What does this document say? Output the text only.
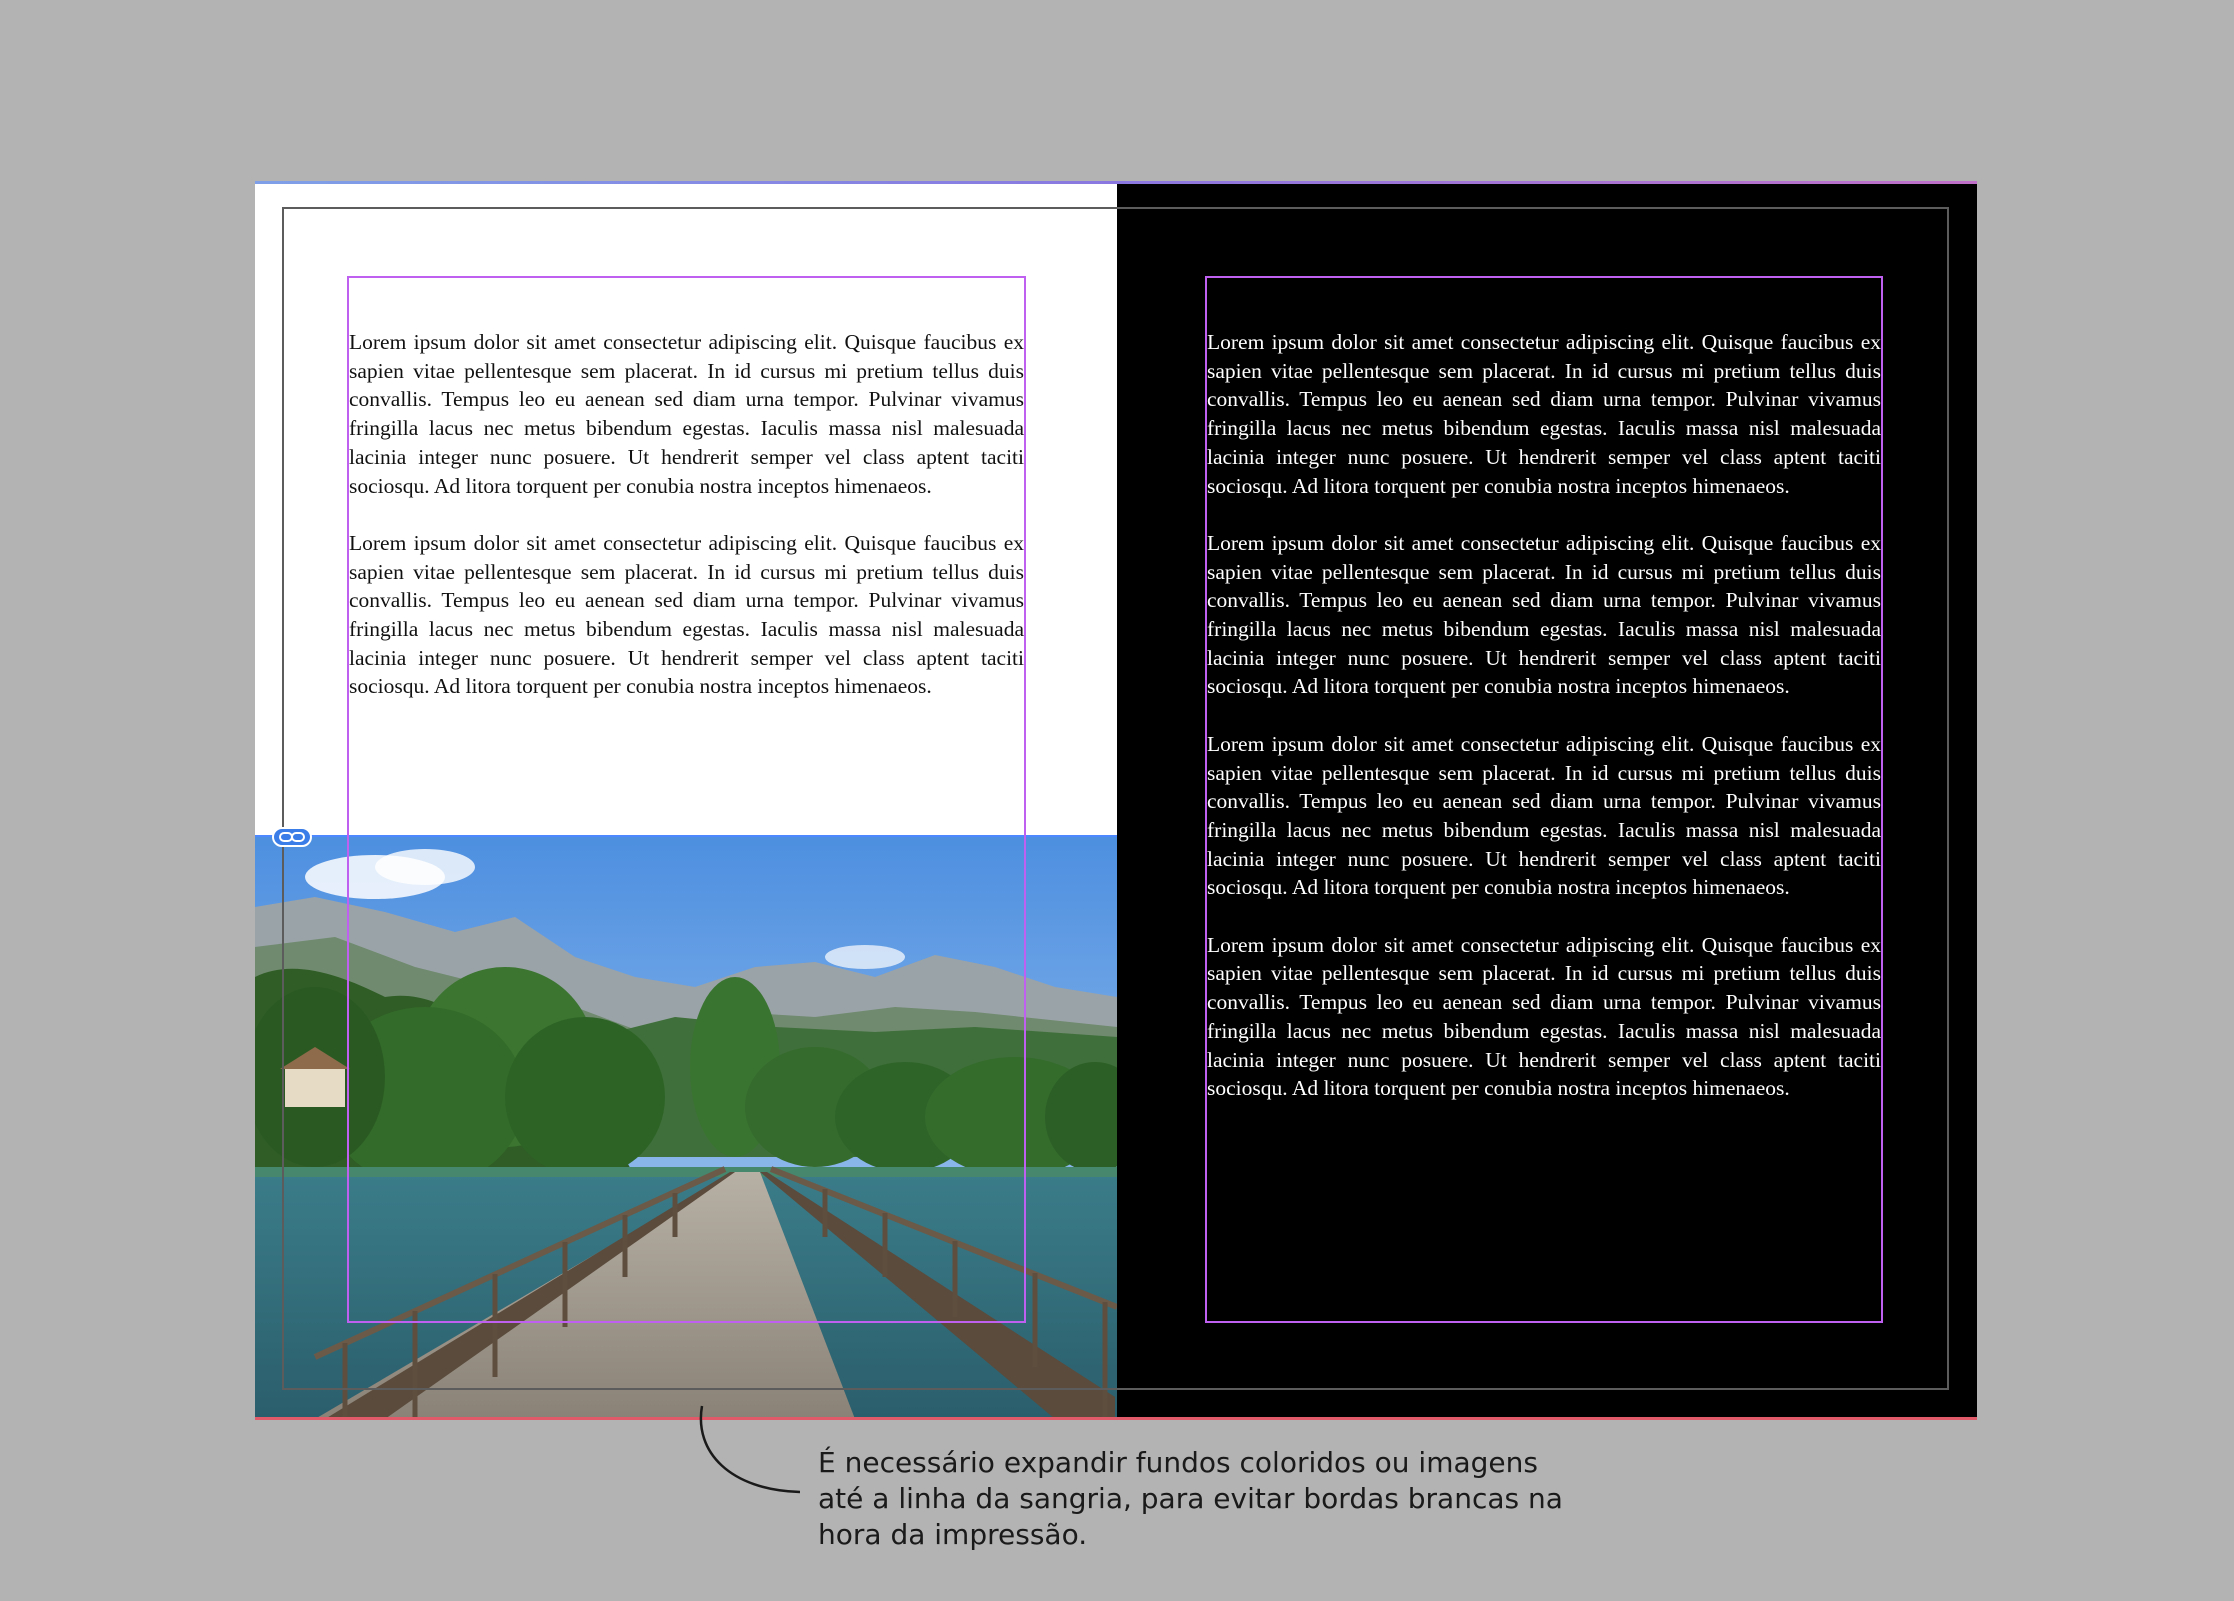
Lorem ipsum dolor sit amet consectetur adipiscing elit. Quisque faucibus ex sapien vitae pellentesque sem placerat. In id cursus mi pretium tellus duis convallis. Tempus leo eu aenean sed diam urna tempor. Pulvinar vivamus fringilla lacus nec metus bibendum egestas. Iaculis massa nisl malesuada lacinia integer nunc posuere. Ut hendrerit semper vel class aptent taciti sociosqu. Ad litora torquent per conubia nostra inceptos himenaeos.

Lorem ipsum dolor sit amet consectetur adipiscing elit. Quisque faucibus ex sapien vitae pellentesque sem placerat. In id cursus mi pretium tellus duis convallis. Tempus leo eu aenean sed diam urna tempor. Pulvinar vivamus fringilla lacus nec metus bibendum egestas. Iaculis massa nisl malesuada lacinia integer nunc posuere. Ut hendrerit semper vel class aptent taciti sociosqu. Ad litora torquent per conubia nostra inceptos himenaeos.

Lorem ipsum dolor sit amet consectetur adipiscing elit. Quisque faucibus ex sapien vitae pellentesque sem placerat. In id cursus mi pretium tellus duis convallis. Tempus leo eu aenean sed diam urna tempor. Pulvinar vivamus fringilla lacus nec metus bibendum egestas. Iaculis massa nisl malesuada lacinia integer nunc posuere. Ut hendrerit semper vel class aptent taciti sociosqu. Ad litora torquent per conubia nostra inceptos himenaeos.

Lorem ipsum dolor sit amet consectetur adipiscing elit. Quisque faucibus ex sapien vitae pellentesque sem placerat. In id cursus mi pretium tellus duis convallis. Tempus leo eu aenean sed diam urna tempor. Pulvinar vivamus fringilla lacus nec metus bibendum egestas. Iaculis massa nisl malesuada lacinia integer nunc posuere. Ut hendrerit semper vel class aptent taciti sociosqu. Ad litora torquent per conubia nostra inceptos himenaeos.

Lorem ipsum dolor sit amet consectetur adipiscing elit. Quisque faucibus ex sapien vitae pellentesque sem placerat. In id cursus mi pretium tellus duis convallis. Tempus leo eu aenean sed diam urna tempor. Pulvinar vivamus fringilla lacus nec metus bibendum egestas. Iaculis massa nisl malesuada lacinia integer nunc posuere. Ut hendrerit semper vel class aptent taciti sociosqu. Ad litora torquent per conubia nostra inceptos himenaeos.

Lorem ipsum dolor sit amet consectetur adipiscing elit. Quisque faucibus ex sapien vitae pellentesque sem placerat. In id cursus mi pretium tellus duis convallis. Tempus leo eu aenean sed diam urna tempor. Pulvinar vivamus fringilla lacus nec metus bibendum egestas. Iaculis massa nisl malesuada lacinia integer nunc posuere. Ut hendrerit semper vel class aptent taciti sociosqu. Ad litora torquent per conubia nostra inceptos himenaeos.

É necessário expandir fundos coloridos ou imagens
até a linha da sangria, para evitar bordas brancas na
hora da impressão.
